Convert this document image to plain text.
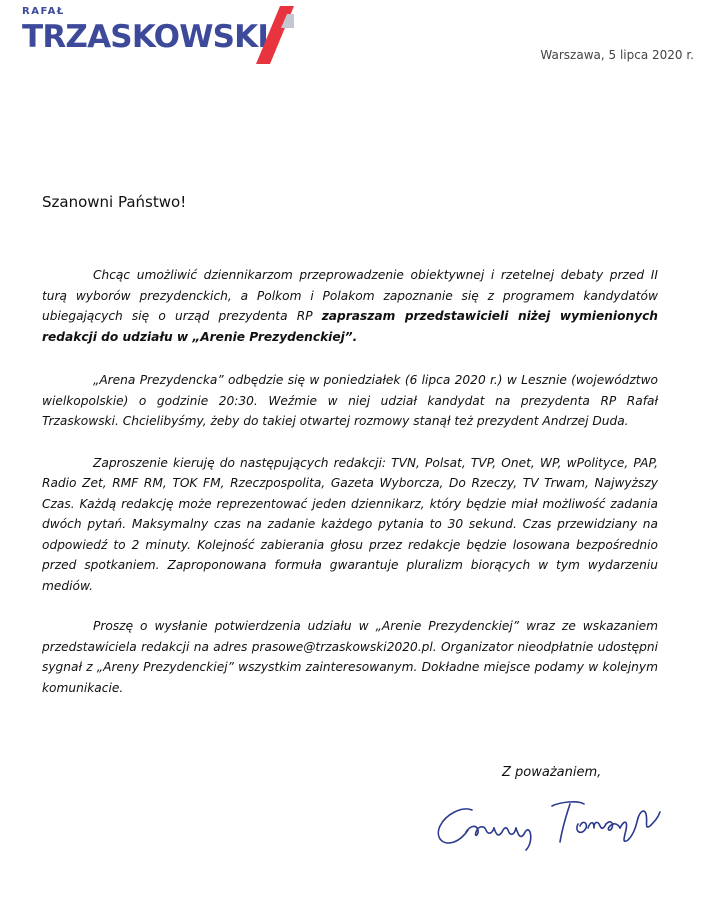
RAFAŁ
TRZASKOWSKI	Warszawa, 5 lipca 2020 r.
Szanowni Państwo!

Chcąc umożliwić dziennikarzom przeprowadzenie obiektywnej i rzetelnej debaty przed II turą wyborów prezydenckich, a Polkom i Polakom zapoznanie się z programem kandydatów ubiegających się o urząd prezydenta RP zapraszam przedstawicieli niżej wymienionych redakcji do udziału w „Arenie Prezydenckiej”.

„Arena Prezydencka” odbędzie się w poniedziałek (6 lipca 2020 r.) w Lesznie (województwo wielkopolskie) o godzinie 20:30. Weźmie w niej udział kandydat na prezydenta RP Rafał Trzaskowski. Chcielibyśmy, żeby do takiej otwartej rozmowy stanął też prezydent Andrzej Duda.

Zaproszenie kieruję do następujących redakcji: TVN, Polsat, TVP, Onet, WP, wPolityce, PAP, Radio Zet, RMF RM, TOK FM, Rzeczpospolita, Gazeta Wyborcza, Do Rzeczy, TV Trwam, Najwyższy Czas. Każdą redakcję może reprezentować jeden dziennikarz, który będzie miał możliwość zadania dwóch pytań. Maksymalny czas na zadanie każdego pytania to 30 sekund. Czas przewidziany na odpowiedź to 2 minuty. Kolejność zabierania głosu przez redakcje będzie losowana bezpośrednio przed spotkaniem. Zaproponowana formuła gwarantuje pluralizm biorących w tym wydarzeniu mediów.

Proszę o wysłanie potwierdzenia udziału w „Arenie Prezydenckiej” wraz ze wskazaniem przedstawiciela redakcji na adres prasowe@trzaskowski2020.pl. Organizator nieodpłatnie udostępni sygnał z „Areny Prezydenckiej” wszystkim zainteresowanym. Dokładne miejsce podamy w kolejnym komunikacie.

Z poważaniem,
